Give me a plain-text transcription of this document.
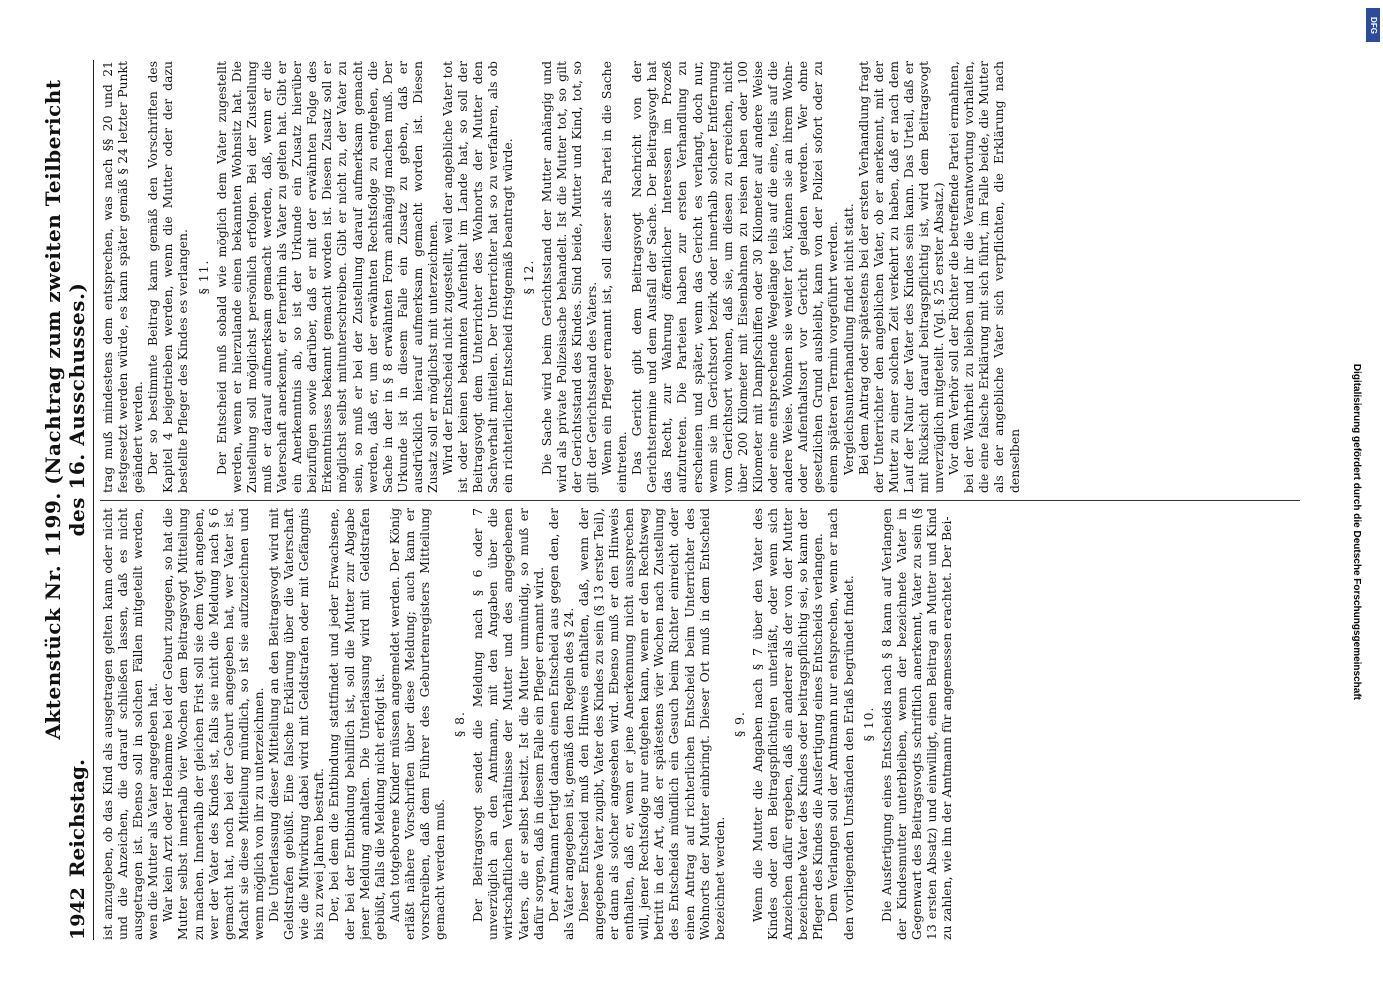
1942
Reichstag.
Aktenstück Nr. 1199. (Nachtrag zum zweiten Teilbericht des 16. Ausschusses.)

ist anzugeben, ob das Kind als ausgetragen gelten kann oder nicht und die Anzeichen, die darauf schließen lassen, daß es nicht ausgetragen ist. Ebenso soll in solchen Fällen mitgeteilt werden, wen die Mutter als Vater angegeben hat. War kein Arzt oder Hebamme bei der Geburt zugegen, so hat die Mutter selbst innerhalb vier Wochen dem Beitragsvogt Mitteilung zu machen. Innerhalb der gleichen Frist soll sie dem Vogt angeben, wer der Vater des Kindes ist, falls sie nicht die Meldung nach § 6 gemacht hat, noch bei der Geburt angegeben hat, wer Vater ist. Macht sie diese Mitteilung mündlich, so ist sie aufzuzeichnen und wenn möglich von ihr zu unterzeichnen. Die Unterlassung dieser Mitteilung an den Beitragsvogt wird mit Geldstrafen gebüßt. Eine falsche Erklärung über die Vaterschaft wie die Mitwirkung dabei wird mit Geldstrafen oder mit Gefängnis bis zu zwei Jahren bestraft. Der, bei dem die Entbindung stattfindet und jeder Erwachsene, der bei der Entbindung behilflich ist, soll die Mutter zur Abgabe jener Meldung anhalten. Die Unterlassung wird mit Geldstrafen gebüßt, falls die Meldung nicht erfolgt ist. Auch totgeborene Kinder müssen angemeldet werden. Der König erläßt nähere Vorschriften über diese Meldung; auch kann er vorschreiben, daß dem Führer des Geburtenregisters Mitteilung gemacht werden muß.

§ 8. Der Beitragsvogt sendet die Meldung nach § 6 oder 7 unverzüglich an den Amtmann, mit den Angaben über die wirtschaftlichen Verhältnisse der Mutter und des angegebenen Vaters, die er selbst besitzt. Ist die Mutter unmündig, so muß er dafür sorgen, daß in diesem Falle ein Pfleger ernannt wird. Der Amtmann fertigt danach einen Entscheid aus gegen den, der als Vater angegeben ist, gemäß den Regeln des § 24. Dieser Entscheid muß den Hinweis enthalten, daß, wenn der angegebene Vater zugibt, Vater des Kindes zu sein (§ 13 erster Teil), er dann als solcher angesehen wird. Ebenso muß er den Hinweis enthalten, daß er, wenn er jene Anerkennung nicht aussprechen will, jener Rechtsfolge nur entgehen kann, wenn er den Rechtsweg betritt in der Art, daß er spätestens vier Wochen nach Zustellung des Entscheids mündlich ein Gesuch beim Richter einreicht oder einen Antrag auf richterlichen Entscheid beim Unterrichter des Wohnorts der Mutter einbringt. Dieser Ort muß in dem Entscheid bezeichnet werden.

§ 9. Wenn die Mutter die Angaben nach § 7 über den Vater des Kindes oder den Beitragspflichtigen unterläßt, oder wenn sich Anzeichen dafür ergeben, daß ein anderer als der von der Mutter bezeichnete Vater des Kindes oder beitragspflichtig sei, so kann der Pfleger des Kindes die Ausfertigung eines Entscheids verlangen. Dem Verlangen soll der Amtmann nur entsprechen, wenn er nach den vorliegenden Umständen den Erlaß begründet findet. § 10. Die Ausfertigung eines Entscheids nach § 8 kann auf Verlangen der Kindesmutter unterbleiben, wenn der bezeichnete Vater in Gegenwart des Beitragsvogts schriftlich anerkennt, Vater zu sein (§ 13 ersten Absatz) und einwilligt, einen Beitrag an Mutter und Kind zu zahlen, wie ihn der Amtmann für angemessen erachtet. Der Bei-

trag muß mindestens dem entsprechen, was nach §§ 20 und 21 festgesetzt werden würde, es kann später gemäß § 24 letzter Punkt geändert werden. Der so bestimmte Beitrag kann gemäß den Vorschriften des Kapitel 4 beigetrieben werden, wenn die Mutter oder der dazu bestellte Pfleger des Kindes es verlangen. § 11. Der Entscheid muß sobald wie möglich dem Vater zugestellt werden, wenn er hierzulande einen bekannten Wohnsitz hat. Die Zustellung soll möglichst persönlich erfolgen. Bei der Zustellung muß er darauf aufmerksam gemacht werden, daß, wenn er die Vaterschaft anerkennt, er fernerhin als Vater zu gelten hat. Gibt er ein Anerkenntnis ab, so ist der Urkunde ein Zusatz hierüber beizufügen sowie darüber, daß er mit der erwähnten Folge des Erkenntnisses bekannt gemacht worden ist. Diesen Zusatz soll er möglichst selbst mitunterschreiben. Gibt er nicht zu, der Vater zu sein, so muß er bei der Zustellung darauf aufmerksam gemacht werden, daß er, um der erwähnten Rechtsfolge zu entgehen, die Sache in der in § 8 erwähnten Form anhängig machen muß. Der Urkunde ist in diesem Falle ein Zusatz zu geben, daß er ausdrücklich hierauf aufmerksam gemacht worden ist. Diesen Zusatz soll er möglichst mit unterzeichnen. Wird der Entscheid nicht zugestellt, weil der angebliche Vater tot ist oder keinen bekannten Aufenthalt im Lande hat, so soll der Beitragsvogt dem Unterrichter des Wohnorts der Mutter den Sachverhalt mitteilen. Der Unterrichter hat so zu verfahren, als ob ein richterlicher Entscheid fristgemäß beantragt würde. § 12. Die Sache wird beim Gerichtsstand der Mutter anhängig und wird als private Polizeisache behandelt. Ist die Mutter tot, so gilt der Gerichtsstand des Kindes. Sind beide, Mutter und Kind, tot, so gilt der Gerichtsstand des Vaters. Wenn ein Pfleger ernannt ist, soll dieser als Partei in die Sache eintreten. Das Gericht gibt dem Beitragsvogt Nachricht von der Gerichtstermine und dem Ausfall der Sache. Der Beitragsvogt hat das Recht, zur Wahrung öffentlicher Interessen im Prozeß aufzutreten. Die Parteien haben zur ersten Verhandlung zu erscheinen und später, wenn das Gericht es verlangt, doch nur, wenn sie im Gerichtsort bezirk oder innerhalb solcher Entfernung vom Gerichtsort wohnen, daß sie, um diesen zu erreichen, nicht über 200 Kilometer mit Eisenbahnen zu reisen haben oder 100 Kilometer mit Dampfschiffen oder 30 Kilometer auf andere Weise oder eine entsprechende Wegelänge teils auf die eine, teils auf die andere Weise. Wohnen sie weiter fort, können sie an ihrem Wohn- oder Aufenthaltsort vor Gericht geladen werden. Wer ohne gesetzlichen Grund ausbleibt, kann von der Polizei sofort oder zu einem späteren Termin vorgeführt werden. Vergleichsunterhandlung findet nicht statt. Bei dem Antrag oder spätestens bei der ersten Verhandlung fragt der Unterrichter den angeblichen Vater, ob er anerkennt, mit der Mutter zu einer solchen Zeit verkehrt zu haben, daß er nach dem Lauf der Natur der Vater des Kindes sein kann. Das Urteil, daß er mit Rücksicht darauf beitragspflichtig ist, wird dem Beitragsvogt unverzüglich mitgeteilt. (Vgl. § 25 erster Absatz.) Vor dem Verhör soll der Richter die betreffende Partei ermahnen, bei der Wahrheit zu bleiben und ihr die Verantwortung vorhalten, die eine falsche Erklärung mit sich führt, im Falle beide, die Mutter als der angebliche Vater sich verpflichten, die Erklärung nach denselben	Digitalisierung gefördert durch die Deutsche Forschungsgemeinschaft
DFG
